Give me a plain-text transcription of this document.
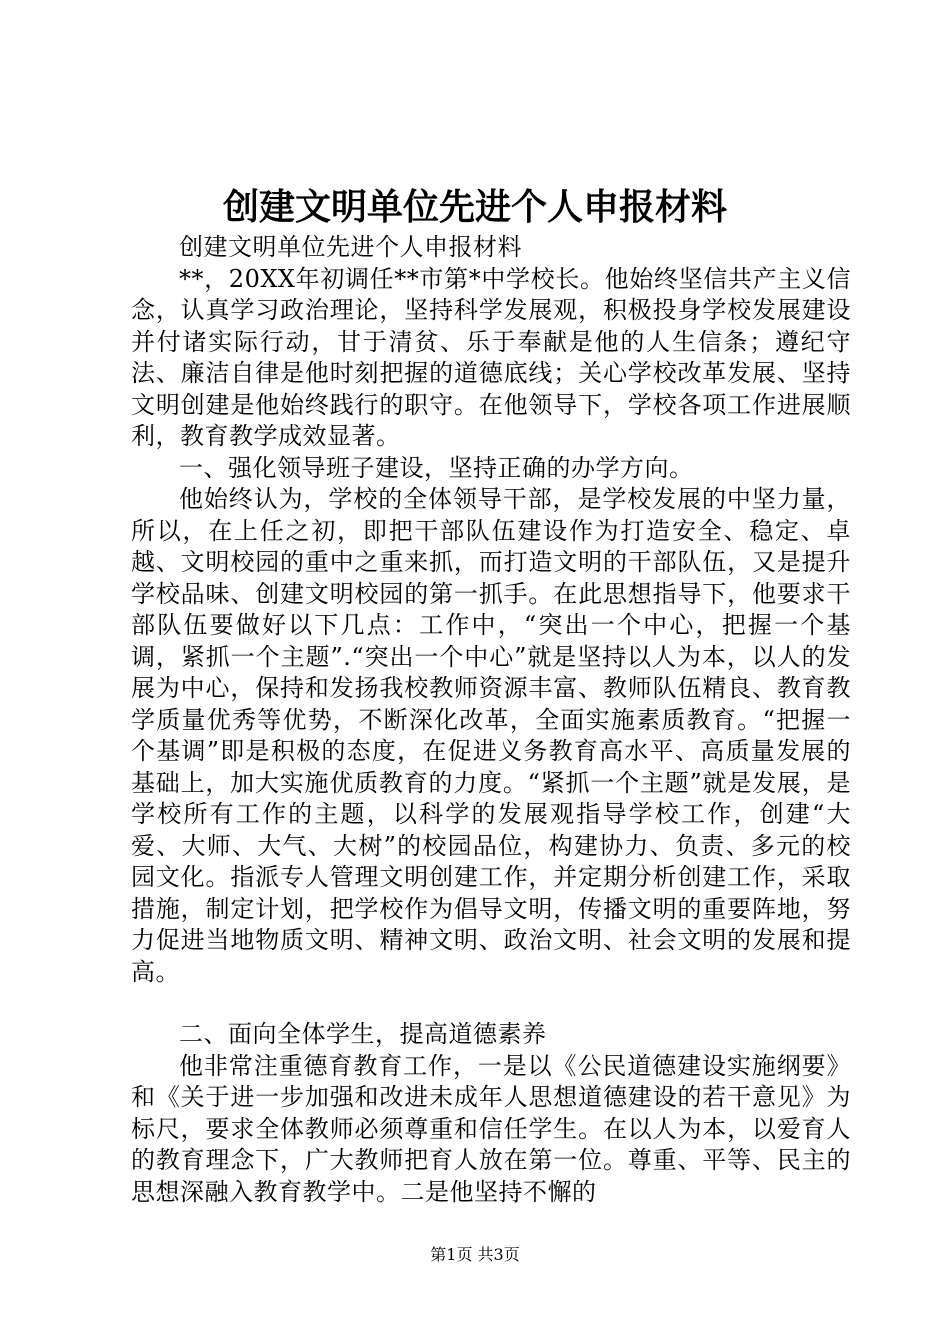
创建文明单位先进个人申报材料

创建文明单位先进个人申报材料

**，20XX年初调任**市第*中学校长。他始终坚信共产主义信念，认真学习政治理论，坚持科学发展观，积极投身学校发展建设并付诸实际行动，甘于清贫、乐于奉献是他的人生信条；遵纪守法、廉洁自律是他时刻把握的道德底线；关心学校改革发展、坚持文明创建是他始终践行的职守。在他领导下，学校各项工作进展顺利，教育教学成效显著。

一、强化领导班子建设，坚持正确的办学方向。

他始终认为，学校的全体领导干部，是学校发展的中坚力量，所以，在上任之初，即把干部队伍建设作为打造安全、稳定、卓越、文明校园的重中之重来抓，而打造文明的干部队伍，又是提升学校品味、创建文明校园的第一抓手。在此思想指导下，他要求干部队伍要做好以下几点：工作中，“突出一个中心，把握一个基调，紧抓一个主题”.“突出一个中心”就是坚持以人为本，以人的发展为中心，保持和发扬我校教师资源丰富、教师队伍精良、教育教学质量优秀等优势，不断深化改革，全面实施素质教育。“把握一个基调”即是积极的态度，在促进义务教育高水平、高质量发展的基础上，加大实施优质教育的力度。“紧抓一个主题”就是发展，是学校所有工作的主题，以科学的发展观指导学校工作，创建“大爱、大师、大气、大树”的校园品位，构建协力、负责、多元的校园文化。指派专人管理文明创建工作，并定期分析创建工作，采取措施，制定计划，把学校作为倡导文明，传播文明的重要阵地，努力促进当地物质文明、精神文明、政治文明、社会文明的发展和提高。

二、面向全体学生，提高道德素养

他非常注重德育教育工作，一是以《公民道德建设实施纲要》和《关于进一步加强和改进未成年人思想道德建设的若干意见》为标尺，要求全体教师必须尊重和信任学生。在以人为本，以爱育人的教育理念下，广大教师把育人放在第一位。尊重、平等、民主的思想深融入教育教学中。二是他坚持不懈的

第1页 共3页
